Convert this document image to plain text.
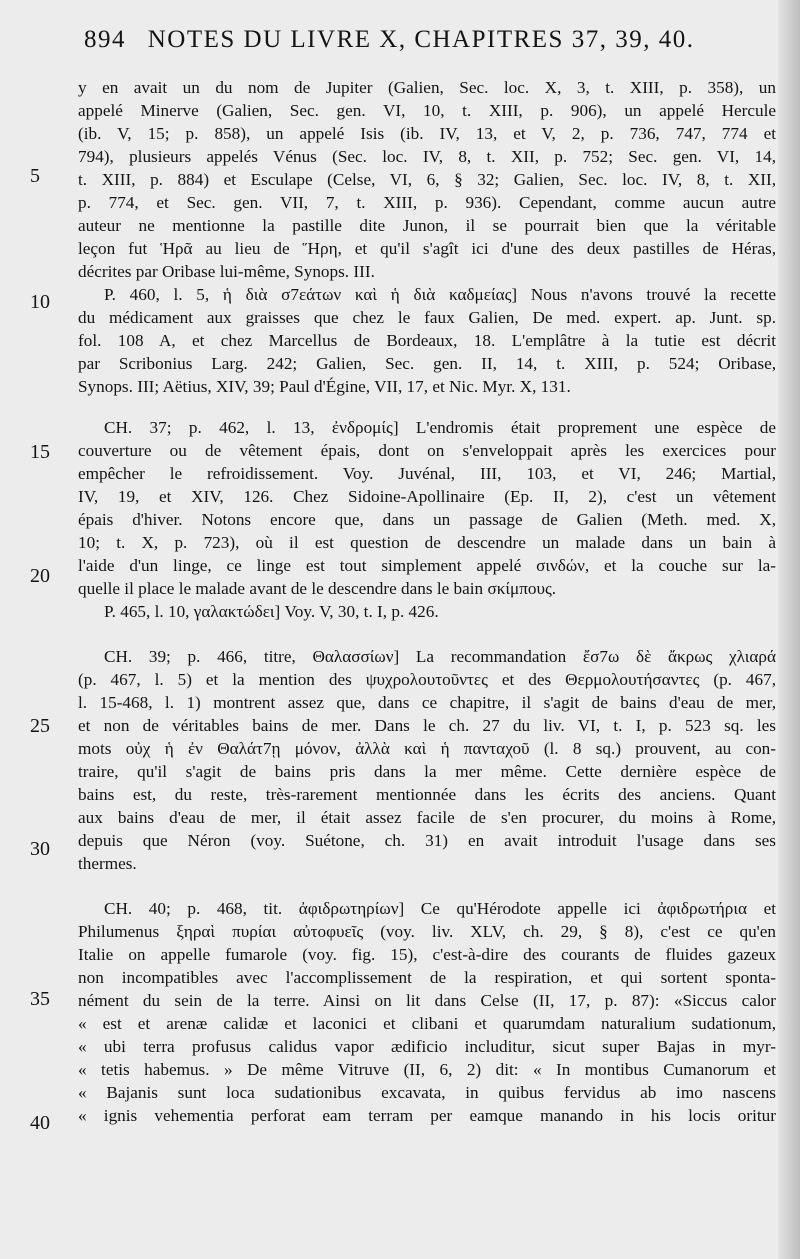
894 NOTES DU LIVRE X, CHAPITRES 37, 39, 40.
y en avait un du nom de Jupiter (Galien, Sec. loc. X, 3, t. XIII, p. 358), un
appelé Minerve (Galien, Sec. gen. VI, 10, t. XIII, p. 906), un appelé Hercule
(ib. V, 15; p. 858), un appelé Isis (ib. IV, 13, et V, 2, p. 736, 747, 774 et
794), plusieurs appelés Vénus (Sec. loc. IV, 8, t. XII, p. 752; Sec. gen. VI, 14,
t. XIII, p. 884) et Esculape (Celse, VI, 6, § 32; Galien, Sec. loc. IV, 8, t. XII,
p. 774, et Sec. gen. VII, 7, t. XIII, p. 936). Cependant, comme aucun autre
auteur ne mentionne la pastille dite Junon, il se pourrait bien que la véritable
leçon fut Ἡρᾶ au lieu de Ἥρη, et qu'il s'agît ici d'une des deux pastilles de Héras,
décrites par Oribase lui-même, Synops. III.
P. 460, l. 5, ἡ διὰ σ7εάτων καὶ ἡ διὰ καδμείας] Nous n'avons trouvé la recette
du médicament aux graisses que chez le faux Galien, De med. expert. ap. Junt. sp.
fol. 108 A, et chez Marcellus de Bordeaux, 18. L'emplâtre à la tutie est décrit
par Scribonius Larg. 242; Galien, Sec. gen. II, 14, t. XIII, p. 524; Oribase,
Synops. III; Aëtius, XIV, 39; Paul d'Égine, VII, 17, et Nic. Myr. X, 131.
CH. 37; p. 462, l. 13, ἐνδρομίς] L'endromis était proprement une espèce de
couverture ou de vêtement épais, dont on s'enveloppait après les exercices pour
empêcher le refroidissement. Voy. Juvénal, III, 103, et VI, 246; Martial,
IV, 19, et XIV, 126. Chez Sidoine-Apollinaire (Ep. II, 2), c'est un vêtement
épais d'hiver. Notons encore que, dans un passage de Galien (Meth. med. X,
10; t. X, p. 723), où il est question de descendre un malade dans un bain à
l'aide d'un linge, ce linge est tout simplement appelé σινδών, et la couche sur la-
quelle il place le malade avant de le descendre dans le bain σκίμπους.
P. 465, l. 10, γαλακτώδει] Voy. V, 30, t. I, p. 426.
CH. 39; p. 466, titre, Θαλασσίων] La recommandation ἔσ7ω δὲ ἄκρως χλιαρά
(p. 467, l. 5) et la mention des ψυχρολουτοῦντες et des Θερμολουτήσαντες (p. 467,
l. 15-468, l. 1) montrent assez que, dans ce chapitre, il s'agit de bains d'eau de mer,
et non de véritables bains de mer. Dans le ch. 27 du liv. VI, t. I, p. 523 sq. les
mots οὐχ ἡ ἐν Θαλάτ7ῃ μόνον, ἀλλὰ καὶ ἡ πανταχοῦ (l. 8 sq.) prouvent, au con-
traire, qu'il s'agit de bains pris dans la mer même. Cette dernière espèce de
bains est, du reste, très-rarement mentionnée dans les écrits des anciens. Quant
aux bains d'eau de mer, il était assez facile de s'en procurer, du moins à Rome,
depuis que Néron (voy. Suétone, ch. 31) en avait introduit l'usage dans ses
thermes.
CH. 40; p. 468, tit. ἀφιδρωτηρίων] Ce qu'Hérodote appelle ici ἀφιδρωτήρια et
Philumenus ξηραὶ πυρίαι αὐτοφυεῖς (voy. liv. XLV, ch. 29, § 8), c'est ce qu'en
Italie on appelle fumarole (voy. fig. 15), c'est-à-dire des courants de fluides gazeux
non incompatibles avec l'accomplissement de la respiration, et qui sortent sponta-
nément du sein de la terre. Ainsi on lit dans Celse (II, 17, p. 87): «Siccus calor
« est et arenæ calidæ et laconici et clibani et quarumdam naturalium sudationum,
« ubi terra profusus calidus vapor ædificio includitur, sicut super Bajas in myr-
« tetis habemus. » De même Vitruve (II, 6, 2) dit: « In montibus Cumanorum et
« Bajanis sunt loca sudationibus excavata, in quibus fervidus ab imo nascens
« ignis vehementia perforat eam terram per eamque manando in his locis oritur
5
10
15
20
25
30
35
40
